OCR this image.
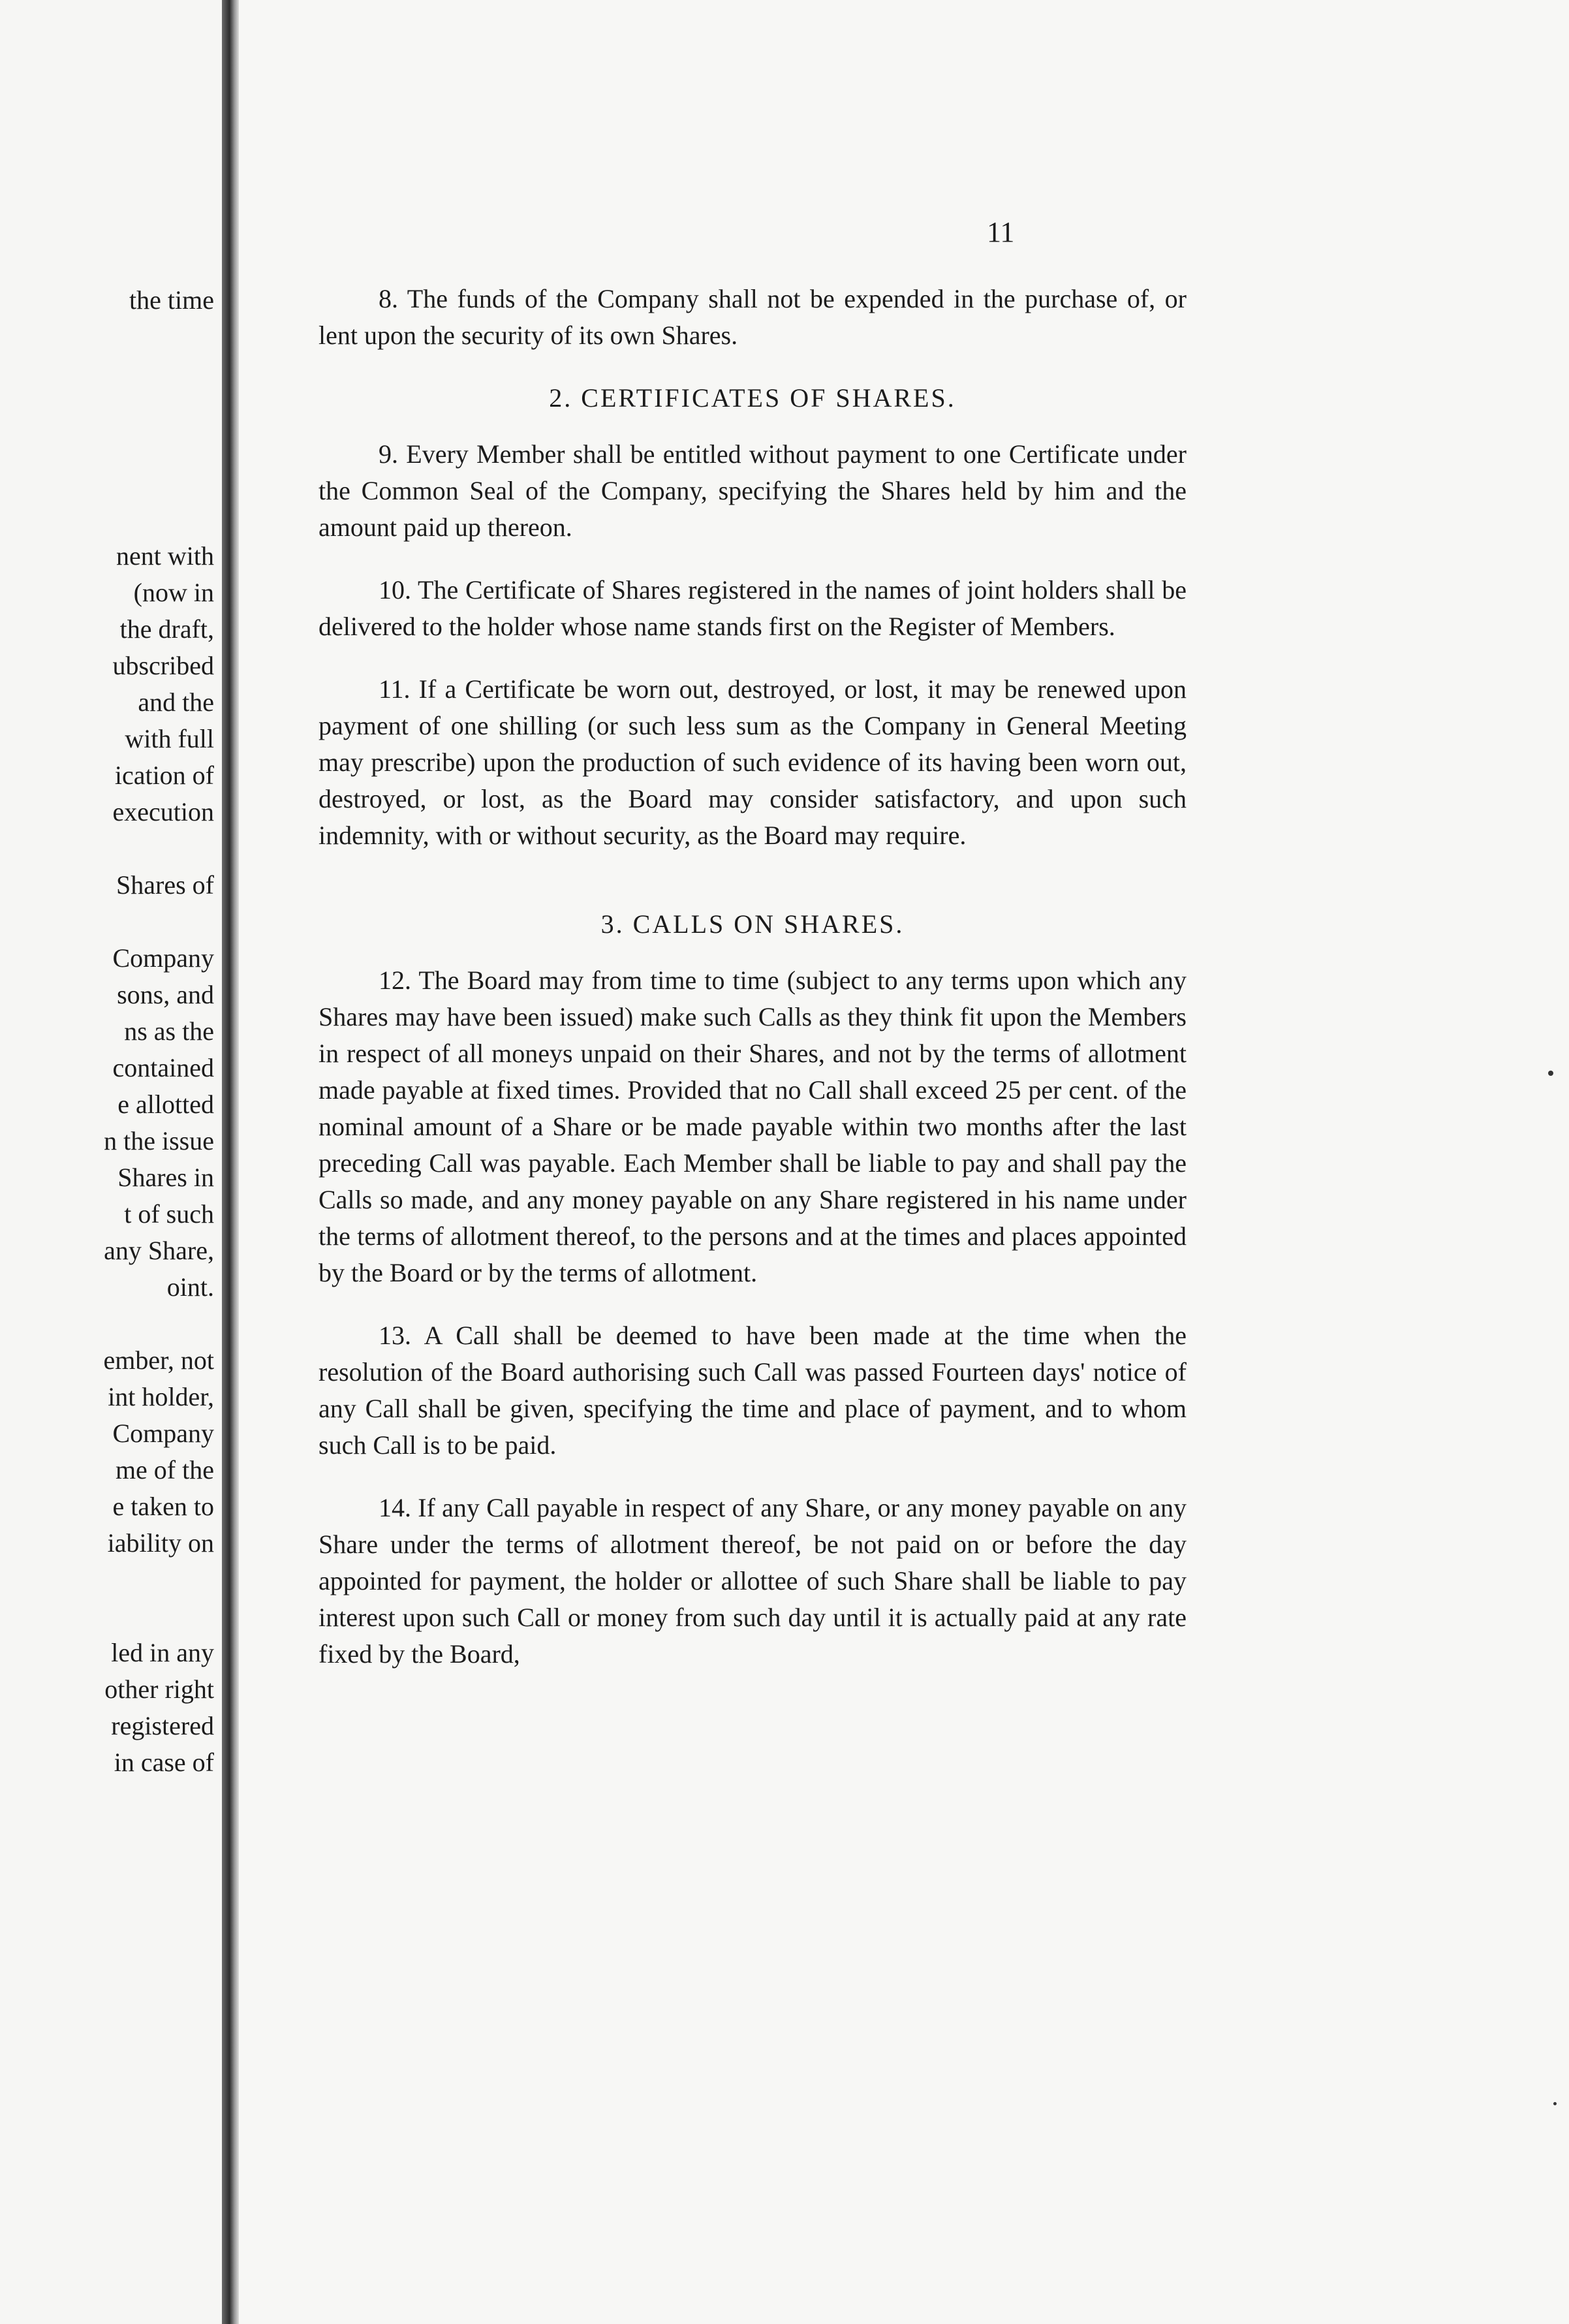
the time
nent with
(now in
the draft,
ubscribed
and the
with full
ication of
execution
Shares of
Company
sons, and
ns as the
contained
e allotted
n the issue
Shares in
t of such
any Share,
oint.
ember, not
int holder,
Company
me of the
e taken to
iability on
led in any
other right
registered
in case of
11

8. The funds of the Company shall not be expended in the purchase of, or lent upon the security of its own Shares.

2. CERTIFICATES OF SHARES.

9. Every Member shall be entitled without payment to one Certificate under the Common Seal of the Company, specifying the Shares held by him and the amount paid up thereon.

10. The Certificate of Shares registered in the names of joint holders shall be delivered to the holder whose name stands first on the Register of Members.

11. If a Certificate be worn out, destroyed, or lost, it may be renewed upon payment of one shilling (or such less sum as the Company in General Meeting may prescribe) upon the production of such evidence of its having been worn out, destroyed, or lost, as the Board may consider satisfactory, and upon such indemnity, with or without security, as the Board may require.

3. CALLS ON SHARES.

12. The Board may from time to time (subject to any terms upon which any Shares may have been issued) make such Calls as they think fit upon the Members in respect of all moneys unpaid on their Shares, and not by the terms of allotment made payable at fixed times. Provided that no Call shall exceed 25 per cent. of the nominal amount of a Share or be made payable within two months after the last preceding Call was payable. Each Member shall be liable to pay and shall pay the Calls so made, and any money payable on any Share registered in his name under the terms of allotment thereof, to the persons and at the times and places appointed by the Board or by the terms of allotment.

13. A Call shall be deemed to have been made at the time when the resolution of the Board authorising such Call was passed Fourteen days' notice of any Call shall be given, specifying the time and place of payment, and to whom such Call is to be paid.

14. If any Call payable in respect of any Share, or any money payable on any Share under the terms of allotment thereof, be not paid on or before the day appointed for payment, the holder or allottee of such Share shall be liable to pay interest upon such Call or money from such day until it is actually paid at any rate fixed by the Board,
